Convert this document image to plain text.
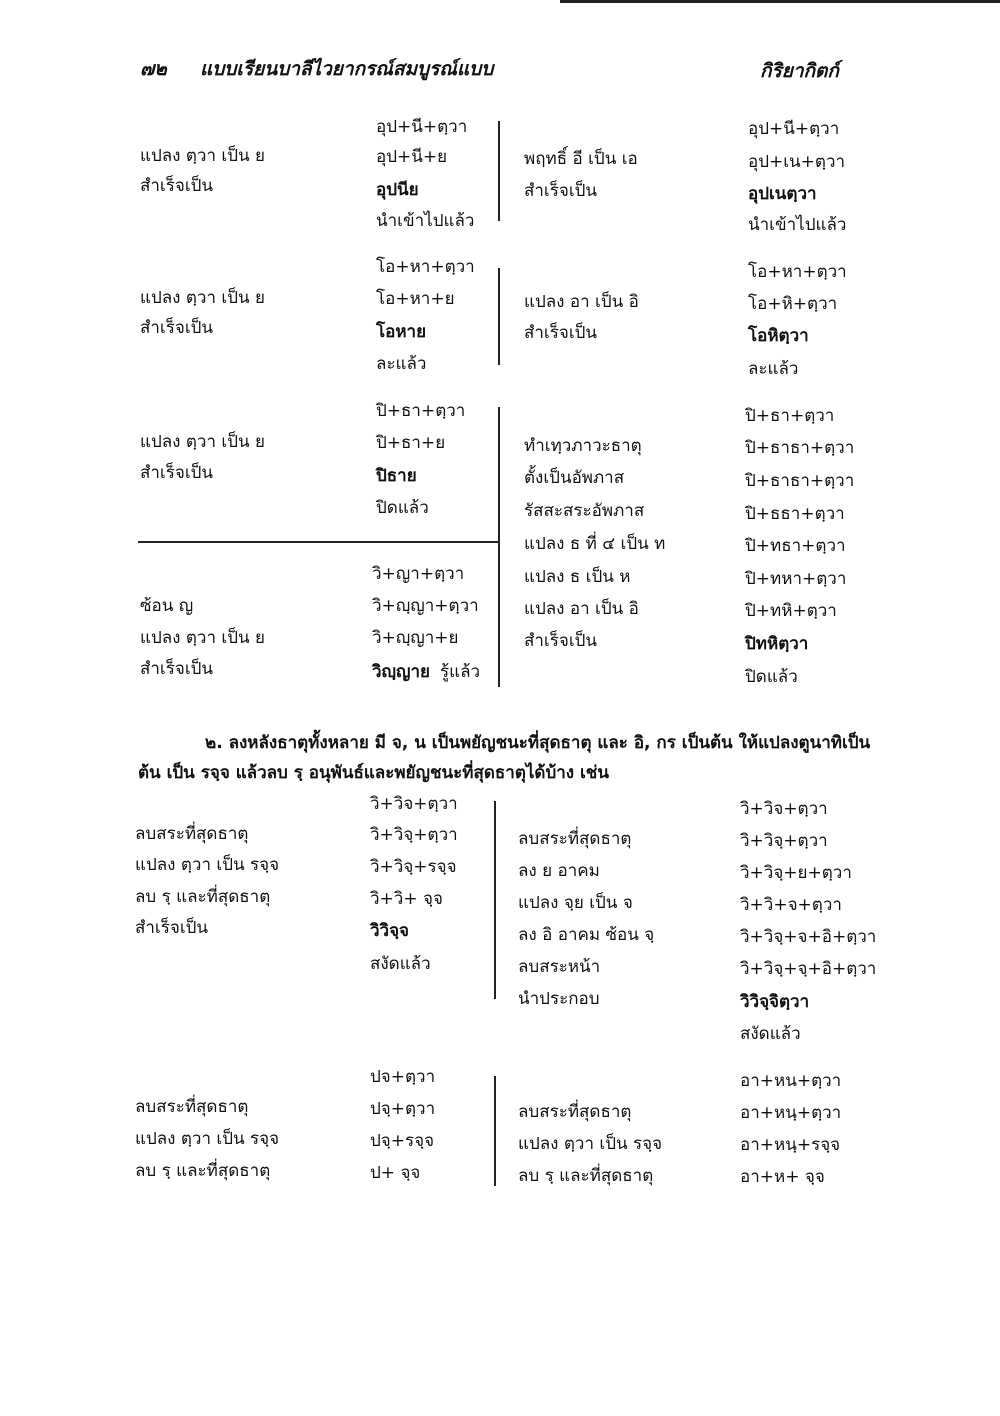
๗๒ แบบเรียนบาลีไวยากรณ์สมบูรณ์แบบ	กิริยากิตก์
แปลง ตฺวา เป็น ย
สำเร็จเป็น
อุป+นี+ตฺวา
อุป+นี+ย
อุปนีย
นำเข้าไปแล้ว
พฤทธิ์ อี เป็น เอ
สำเร็จเป็น
อุป+นี+ตฺวา
อุป+เน+ตฺวา
อุปเนตฺวา
นำเข้าไปแล้ว
แปลง ตฺวา เป็น ย
สำเร็จเป็น
โอ+หา+ตฺวา
โอ+หา+ย
โอหาย
ละแล้ว
แปลง อา เป็น อิ
สำเร็จเป็น
โอ+หา+ตฺวา
โอ+หิ+ตฺวา
โอหิตฺวา
ละแล้ว
แปลง ตฺวา เป็น ย
สำเร็จเป็น
ปิ+ธา+ตฺวา
ปิ+ธา+ย
ปิธาย
ปิดแล้ว
ทำเทฺวภาวะธาตุ
ตั้งเป็นอัพภาส
รัสสะสระอัพภาส
แปลง ธ ที่ ๔ เป็น ท
แปลง ธ เป็น ห
แปลง อา เป็น อิ
สำเร็จเป็น
ปิ+ธา+ตฺวา
ปิ+ธาธา+ตฺวา
ปิ+ธาธา+ตฺวา
ปิ+ธธา+ตฺวา
ปิ+ทธา+ตฺวา
ปิ+ทหา+ตฺวา
ปิ+ทหิ+ตฺวา
ปิทหิตฺวา
ปิดแล้ว
ซ้อน ญ
แปลง ตฺวา เป็น ย
สำเร็จเป็น
วิ+ญา+ตฺวา
วิ+ญฺญา+ตฺวา
วิ+ญฺญา+ย
วิญฺญาย รู้แล้ว
๒. ลงหลังธาตุทั้งหลาย มี จ, น เป็นพยัญชนะที่สุดธาตุ และ อิ, กร เป็นต้น ให้แปลงตูนาทิเป็น
ต้น เป็น รจฺจ แล้วลบ รฺ อนุพันธ์และพยัญชนะที่สุดธาตุได้บ้าง เช่น
ลบสระที่สุดธาตุ
แปลง ตฺวา เป็น รจฺจ
ลบ รฺ และที่สุดธาตุ
สำเร็จเป็น
วิ+วิจ+ตฺวา
วิ+วิจฺ+ตฺวา
วิ+วิจฺ+รจฺจ
วิ+วิ+ จฺจ
วิวิจฺจ
สงัดแล้ว
ลบสระที่สุดธาตุ
ลง ย อาคม
แปลง จฺย เป็น จ
ลง อิ อาคม ซ้อน จฺ
ลบสระหน้า
นำประกอบ
วิ+วิจ+ตฺวา
วิ+วิจฺ+ตฺวา
วิ+วิจฺ+ย+ตฺวา
วิ+วิ+จ+ตฺวา
วิ+วิจฺ+จ+อิ+ตฺวา
วิ+วิจฺ+จฺ+อิ+ตฺวา
วิวิจฺจิตฺวา
สงัดแล้ว
ลบสระที่สุดธาตุ
แปลง ตฺวา เป็น รจฺจ
ลบ รฺ และที่สุดธาตุ
ปจ+ตฺวา
ปจฺ+ตฺวา
ปจฺ+รจฺจ
ป+ จฺจ
ลบสระที่สุดธาตุ
แปลง ตฺวา เป็น รจฺจ
ลบ รฺ และที่สุดธาตุ
อา+หน+ตฺวา
อา+หนฺ+ตฺวา
อา+หนฺ+รจฺจ
อา+ห+ จฺจ
